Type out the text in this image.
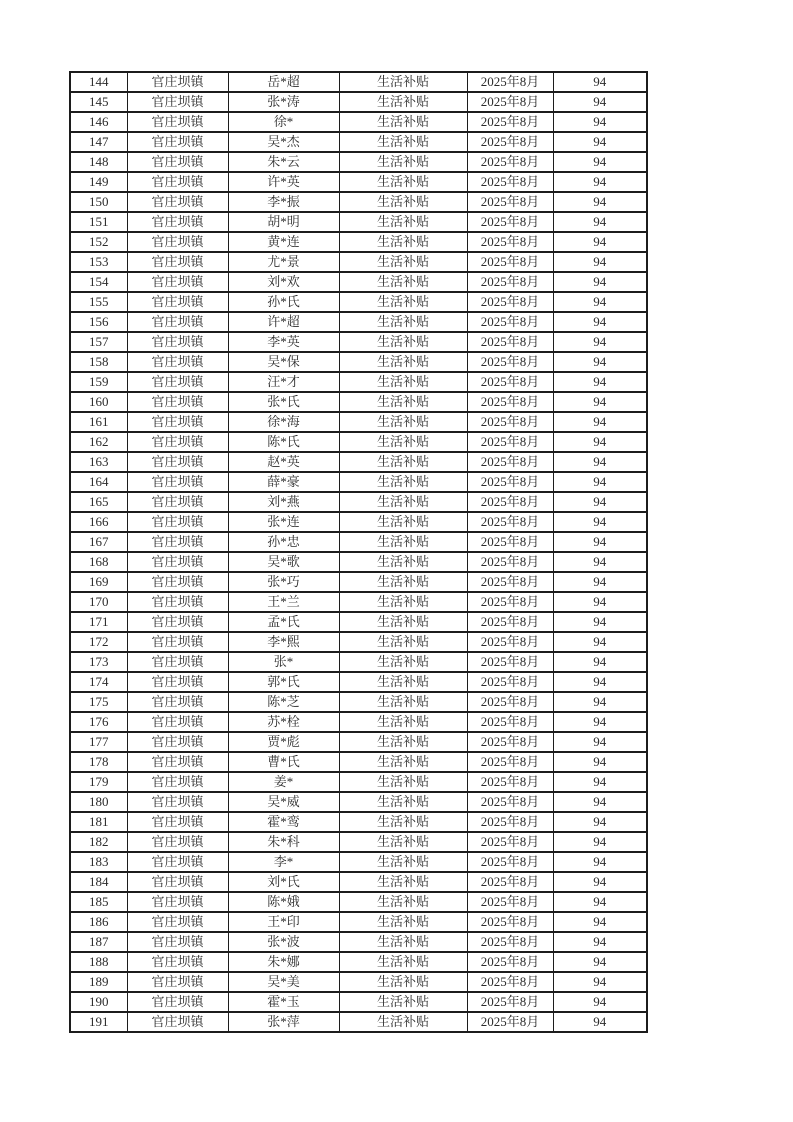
144	官庄坝镇	岳*超	生活补贴	2025年8月	94
145	官庄坝镇	张*涛	生活补贴	2025年8月	94
146	官庄坝镇	徐*	生活补贴	2025年8月	94
147	官庄坝镇	吴*杰	生活补贴	2025年8月	94
148	官庄坝镇	朱*云	生活补贴	2025年8月	94
149	官庄坝镇	许*英	生活补贴	2025年8月	94
150	官庄坝镇	李*振	生活补贴	2025年8月	94
151	官庄坝镇	胡*明	生活补贴	2025年8月	94
152	官庄坝镇	黄*连	生活补贴	2025年8月	94
153	官庄坝镇	尤*景	生活补贴	2025年8月	94
154	官庄坝镇	刘*欢	生活补贴	2025年8月	94
155	官庄坝镇	孙*氏	生活补贴	2025年8月	94
156	官庄坝镇	许*超	生活补贴	2025年8月	94
157	官庄坝镇	李*英	生活补贴	2025年8月	94
158	官庄坝镇	吴*保	生活补贴	2025年8月	94
159	官庄坝镇	汪*才	生活补贴	2025年8月	94
160	官庄坝镇	张*氏	生活补贴	2025年8月	94
161	官庄坝镇	徐*海	生活补贴	2025年8月	94
162	官庄坝镇	陈*氏	生活补贴	2025年8月	94
163	官庄坝镇	赵*英	生活补贴	2025年8月	94
164	官庄坝镇	薛*豪	生活补贴	2025年8月	94
165	官庄坝镇	刘*燕	生活补贴	2025年8月	94
166	官庄坝镇	张*连	生活补贴	2025年8月	94
167	官庄坝镇	孙*忠	生活补贴	2025年8月	94
168	官庄坝镇	吴*歌	生活补贴	2025年8月	94
169	官庄坝镇	张*巧	生活补贴	2025年8月	94
170	官庄坝镇	王*兰	生活补贴	2025年8月	94
171	官庄坝镇	孟*氏	生活补贴	2025年8月	94
172	官庄坝镇	李*熙	生活补贴	2025年8月	94
173	官庄坝镇	张*	生活补贴	2025年8月	94
174	官庄坝镇	郭*氏	生活补贴	2025年8月	94
175	官庄坝镇	陈*芝	生活补贴	2025年8月	94
176	官庄坝镇	苏*栓	生活补贴	2025年8月	94
177	官庄坝镇	贾*彪	生活补贴	2025年8月	94
178	官庄坝镇	曹*氏	生活补贴	2025年8月	94
179	官庄坝镇	姜*	生活补贴	2025年8月	94
180	官庄坝镇	吴*威	生活补贴	2025年8月	94
181	官庄坝镇	霍*鸾	生活补贴	2025年8月	94
182	官庄坝镇	朱*科	生活补贴	2025年8月	94
183	官庄坝镇	李*	生活补贴	2025年8月	94
184	官庄坝镇	刘*氏	生活补贴	2025年8月	94
185	官庄坝镇	陈*娥	生活补贴	2025年8月	94
186	官庄坝镇	王*印	生活补贴	2025年8月	94
187	官庄坝镇	张*波	生活补贴	2025年8月	94
188	官庄坝镇	朱*娜	生活补贴	2025年8月	94
189	官庄坝镇	吴*美	生活补贴	2025年8月	94
190	官庄坝镇	霍*玉	生活补贴	2025年8月	94
191	官庄坝镇	张*萍	生活补贴	2025年8月	94
